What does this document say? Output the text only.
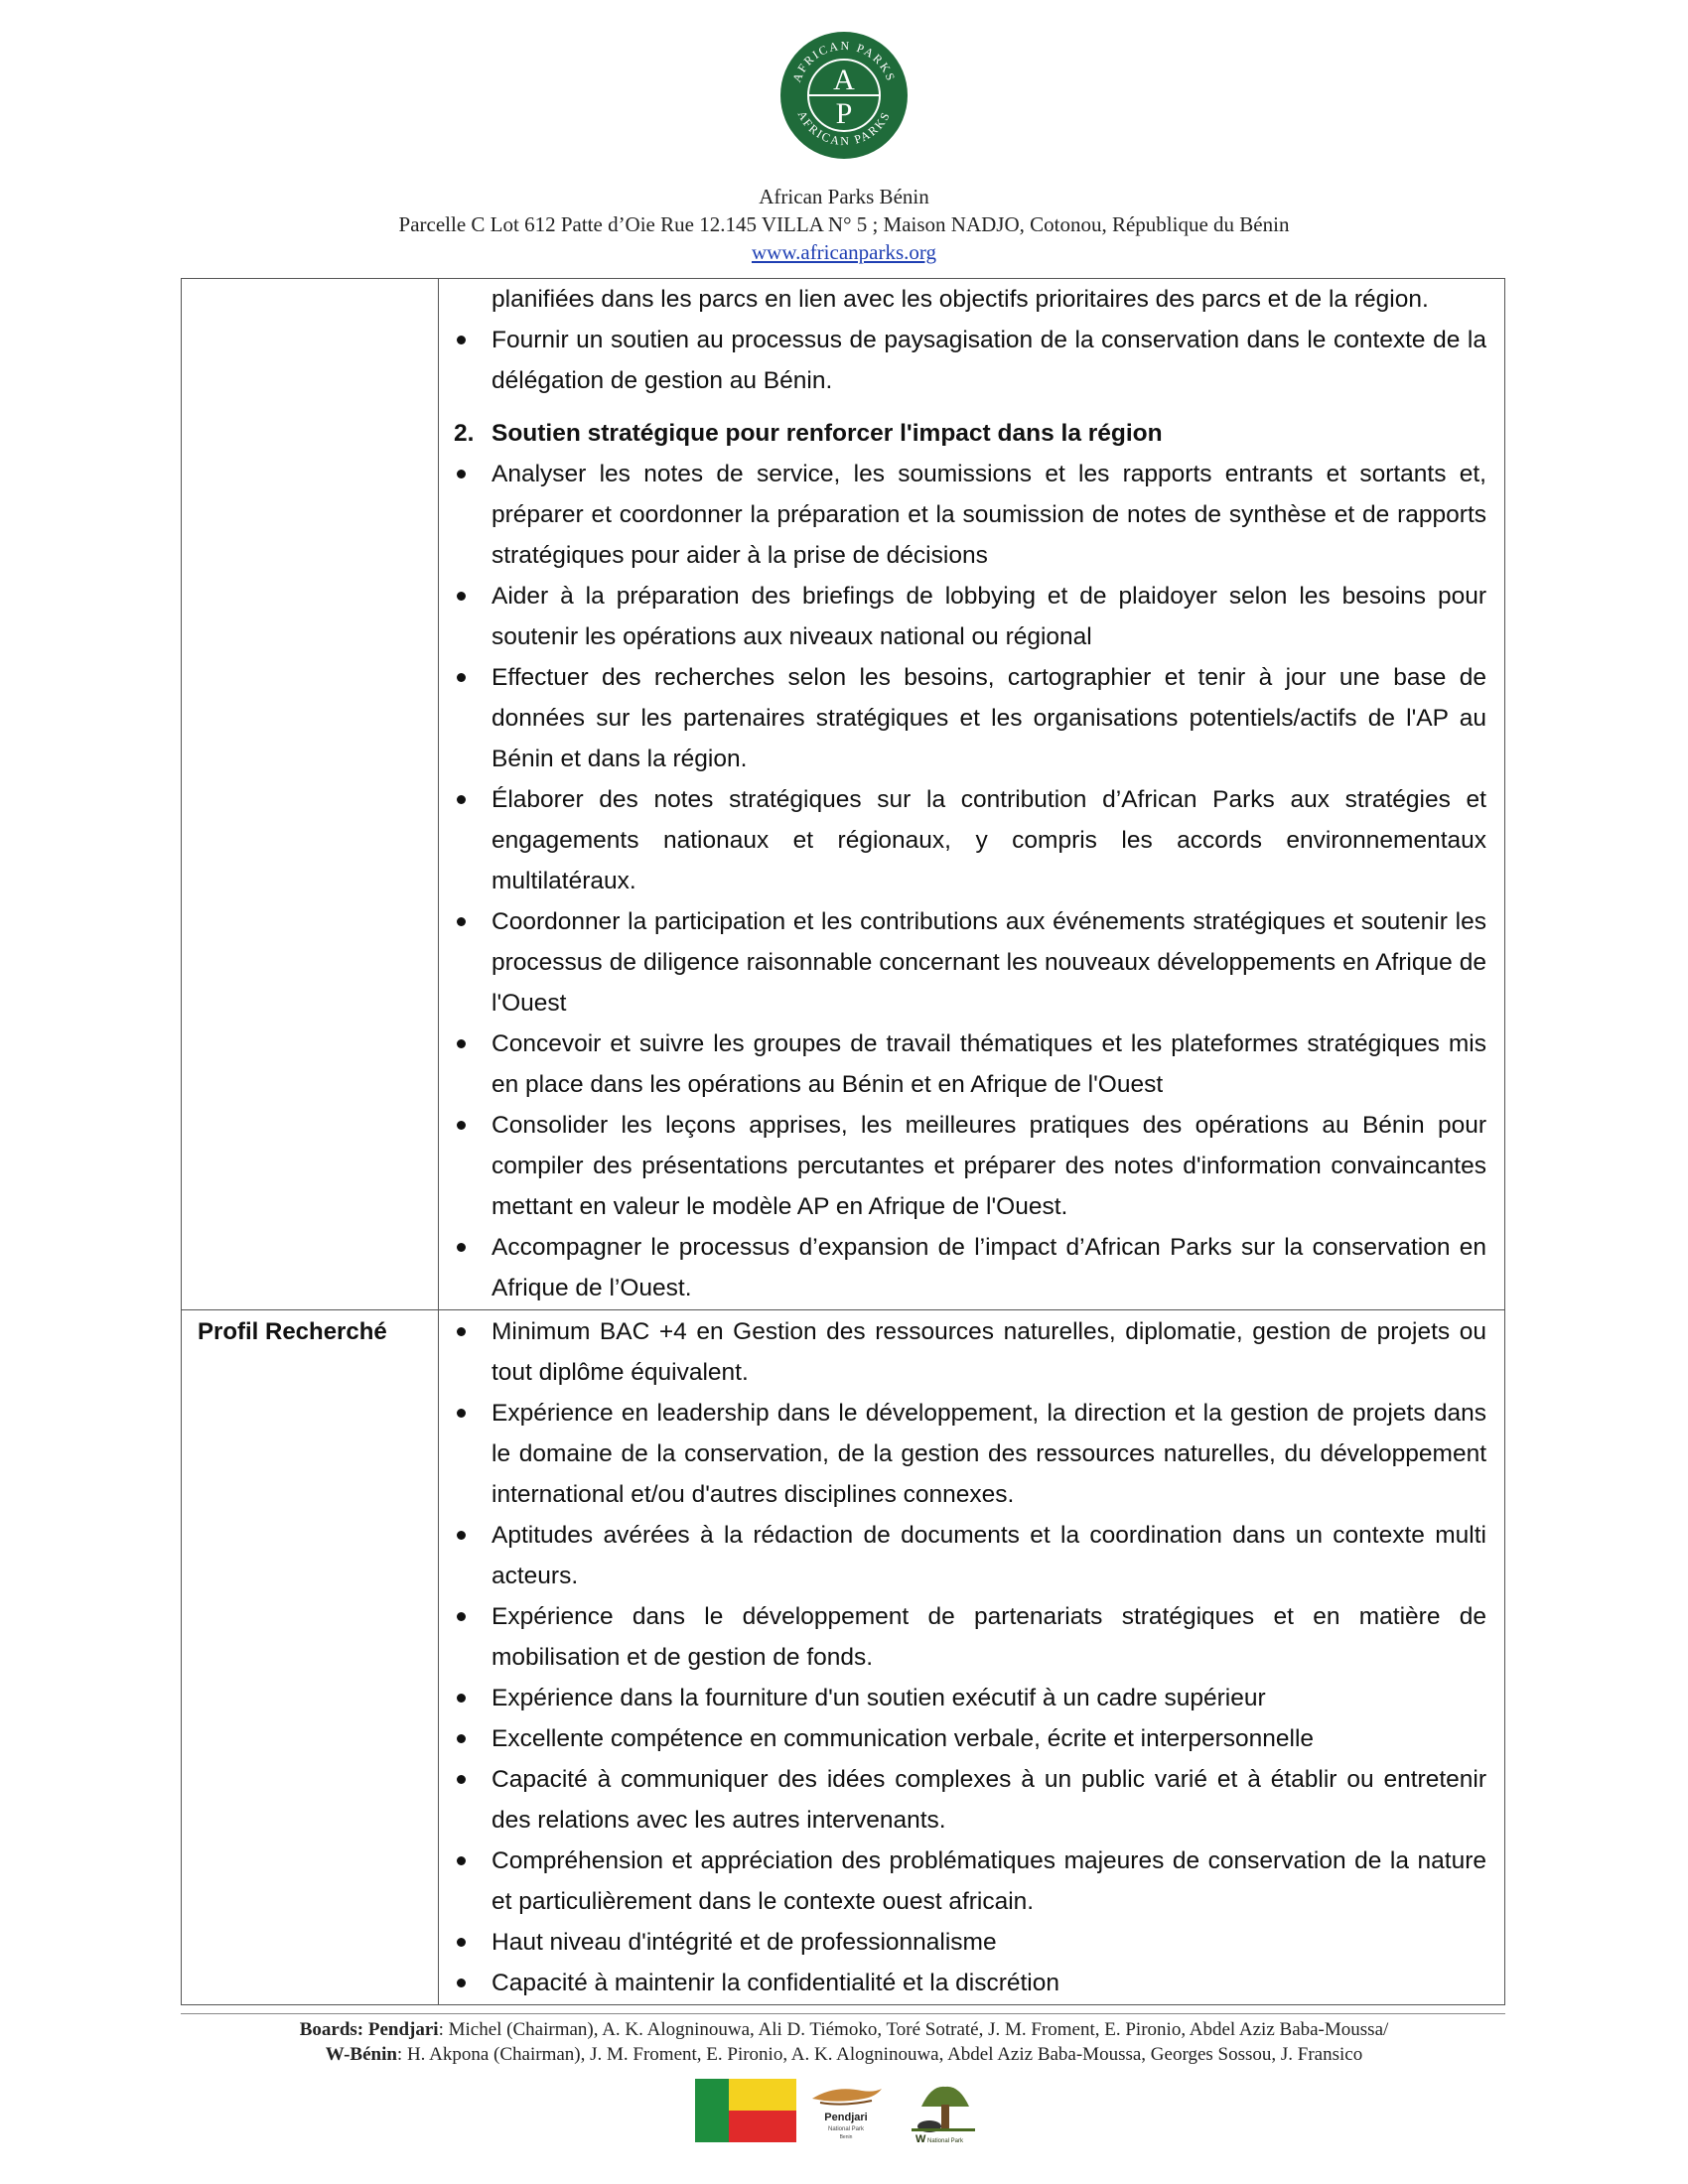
AFRICAN PARKS
AFRICAN PARKS
A
P
African Parks Bénin
Parcelle C Lot 612 Patte d’Oie Rue 12.145 VILLA N° 5 ; Maison NADJO, Cotonou, République du Bénin
www.africanparks.org
planifiées dans les parcs en lien avec les objectifs prioritaires des parcs et de la région.
Fournir un soutien au processus de paysagisation de la conservation dans le contexte de la délégation de gestion au Bénin.
2. Soutien stratégique pour renforcer l'impact dans la région
Analyser les notes de service, les soumissions et les rapports entrants et sortants et, préparer et coordonner la préparation et la soumission de notes de synthèse et de rapports stratégiques pour aider à la prise de décisions
Aider à la préparation des briefings de lobbying et de plaidoyer selon les besoins pour soutenir les opérations aux niveaux national ou régional
Effectuer des recherches selon les besoins, cartographier et tenir à jour une base de données sur les partenaires stratégiques et les organisations potentiels/actifs de l'AP au Bénin et dans la région.
Élaborer des notes stratégiques sur la contribution d’African Parks aux stratégies et engagements nationaux et régionaux, y compris les accords environnementaux multilatéraux.
Coordonner la participation et les contributions aux événements stratégiques et soutenir les processus de diligence raisonnable concernant les nouveaux développements en Afrique de l'Ouest
Concevoir et suivre les groupes de travail thématiques et les plateformes stratégiques mis en place dans les opérations au Bénin et en Afrique de l'Ouest
Consolider les leçons apprises, les meilleures pratiques des opérations au Bénin pour compiler des présentations percutantes et préparer des notes d'information convaincantes mettant en valeur le modèle AP en Afrique de l'Ouest.
Accompagner le processus d’expansion de l’impact d’African Parks sur la conservation en Afrique de l’Ouest.
Profil Recherché	Minimum BAC +4 en Gestion des ressources naturelles, diplomatie, gestion de projets ou tout diplôme équivalent.
Expérience en leadership dans le développement, la direction et la gestion de projets dans le domaine de la conservation, de la gestion des ressources naturelles, du développement international et/ou d'autres disciplines connexes.
Aptitudes avérées à la rédaction de documents et la coordination dans un contexte multi acteurs.
Expérience dans le développement de partenariats stratégiques et en matière de mobilisation et de gestion de fonds.
Expérience dans la fourniture d'un soutien exécutif à un cadre supérieur
Excellente compétence en communication verbale, écrite et interpersonnelle
Capacité à communiquer des idées complexes à un public varié et à établir ou entretenir des relations avec les autres intervenants.
Compréhension et appréciation des problématiques majeures de conservation de la nature et particulièrement dans le contexte ouest africain.
Haut niveau d'intégrité et de professionnalisme
Capacité à maintenir la confidentialité et la discrétion
Boards: Pendjari: Michel (Chairman), A. K. Alogninouwa, Ali D. Tiémoko, Toré Sotraté, J. M. Froment, E. Pironio, Abdel Aziz Baba-Moussa/
W-Bénin: H. Akpona (Chairman), J. M. Froment, E. Pironio, A. K. Alogninouwa, Abdel Aziz Baba-Moussa, Georges Sossou, J. Fransico
Pendjari
National Park
Benin	W National Park
